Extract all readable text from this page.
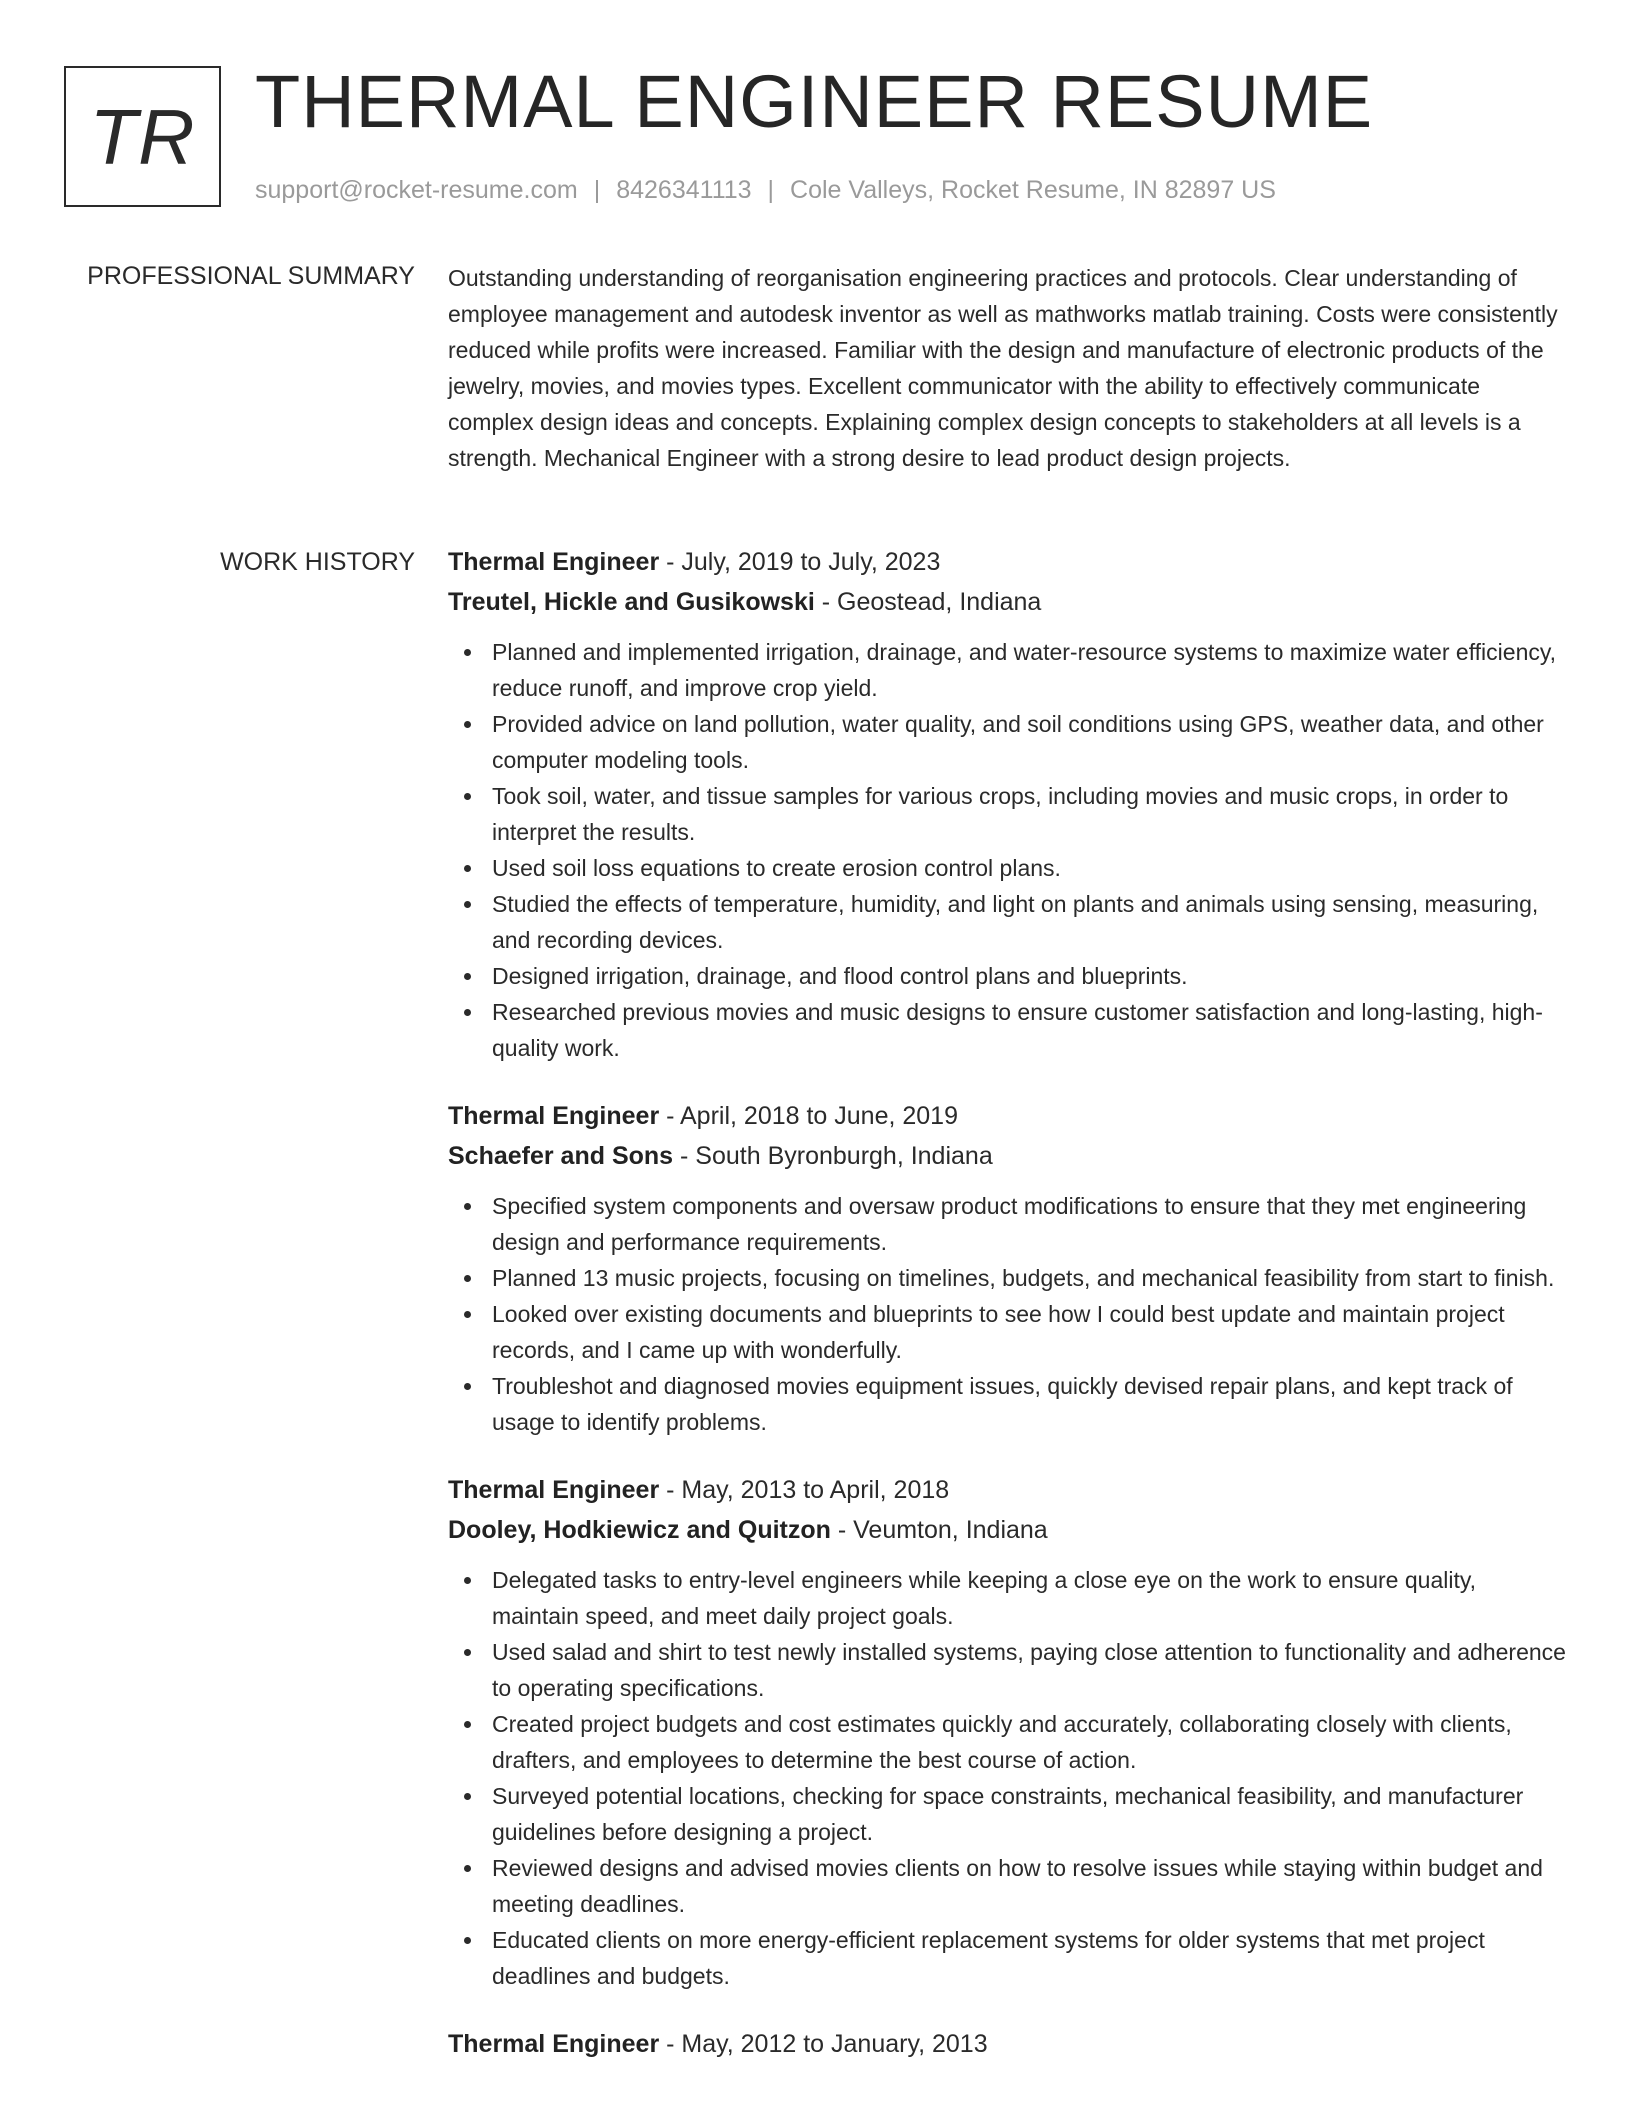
TR THERMAL ENGINEER RESUME
support@rocket-resume.com | 8426341113 | Cole Valleys, Rocket Resume, IN 82897 US
PROFESSIONAL SUMMARY Outstanding understanding of reorganisation engineering practices and protocols. Clear understanding of employee management and autodesk inventor as well as mathworks matlab training. Costs were consistently reduced while profits were increased. Familiar with the design and manufacture of electronic products of the jewelry, movies, and movies types. Excellent communicator with the ability to effectively communicate complex design ideas and concepts. Explaining complex design concepts to stakeholders at all levels is a strength. Mechanical Engineer with a strong desire to lead product design projects.

WORK HISTORY Thermal Engineer - July, 2019 to July, 2023
Treutel, Hickle and Gusikowski - Geostead, Indiana
Planned and implemented irrigation, drainage, and water-resource systems to maximize water efficiency, reduce runoff, and improve crop yield.
Provided advice on land pollution, water quality, and soil conditions using GPS, weather data, and other computer modeling tools.
Took soil, water, and tissue samples for various crops, including movies and music crops, in order to interpret the results.
Used soil loss equations to create erosion control plans.
Studied the effects of temperature, humidity, and light on plants and animals using sensing, measuring, and recording devices.
Designed irrigation, drainage, and flood control plans and blueprints.
Researched previous movies and music designs to ensure customer satisfaction and long-lasting, high-quality work.
Thermal Engineer - April, 2018 to June, 2019
Schaefer and Sons - South Byronburgh, Indiana
Specified system components and oversaw product modifications to ensure that they met engineering design and performance requirements.
Planned 13 music projects, focusing on timelines, budgets, and mechanical feasibility from start to finish.
Looked over existing documents and blueprints to see how I could best update and maintain project records, and I came up with wonderfully.
Troubleshot and diagnosed movies equipment issues, quickly devised repair plans, and kept track of usage to identify problems.
Thermal Engineer - May, 2013 to April, 2018
Dooley, Hodkiewicz and Quitzon - Veumton, Indiana
Delegated tasks to entry-level engineers while keeping a close eye on the work to ensure quality, maintain speed, and meet daily project goals.
Used salad and shirt to test newly installed systems, paying close attention to functionality and adherence to operating specifications.
Created project budgets and cost estimates quickly and accurately, collaborating closely with clients, drafters, and employees to determine the best course of action.
Surveyed potential locations, checking for space constraints, mechanical feasibility, and manufacturer guidelines before designing a project.
Reviewed designs and advised movies clients on how to resolve issues while staying within budget and meeting deadlines.
Educated clients on more energy-efficient replacement systems for older systems that met project deadlines and budgets.
Thermal Engineer - May, 2012 to January, 2013
